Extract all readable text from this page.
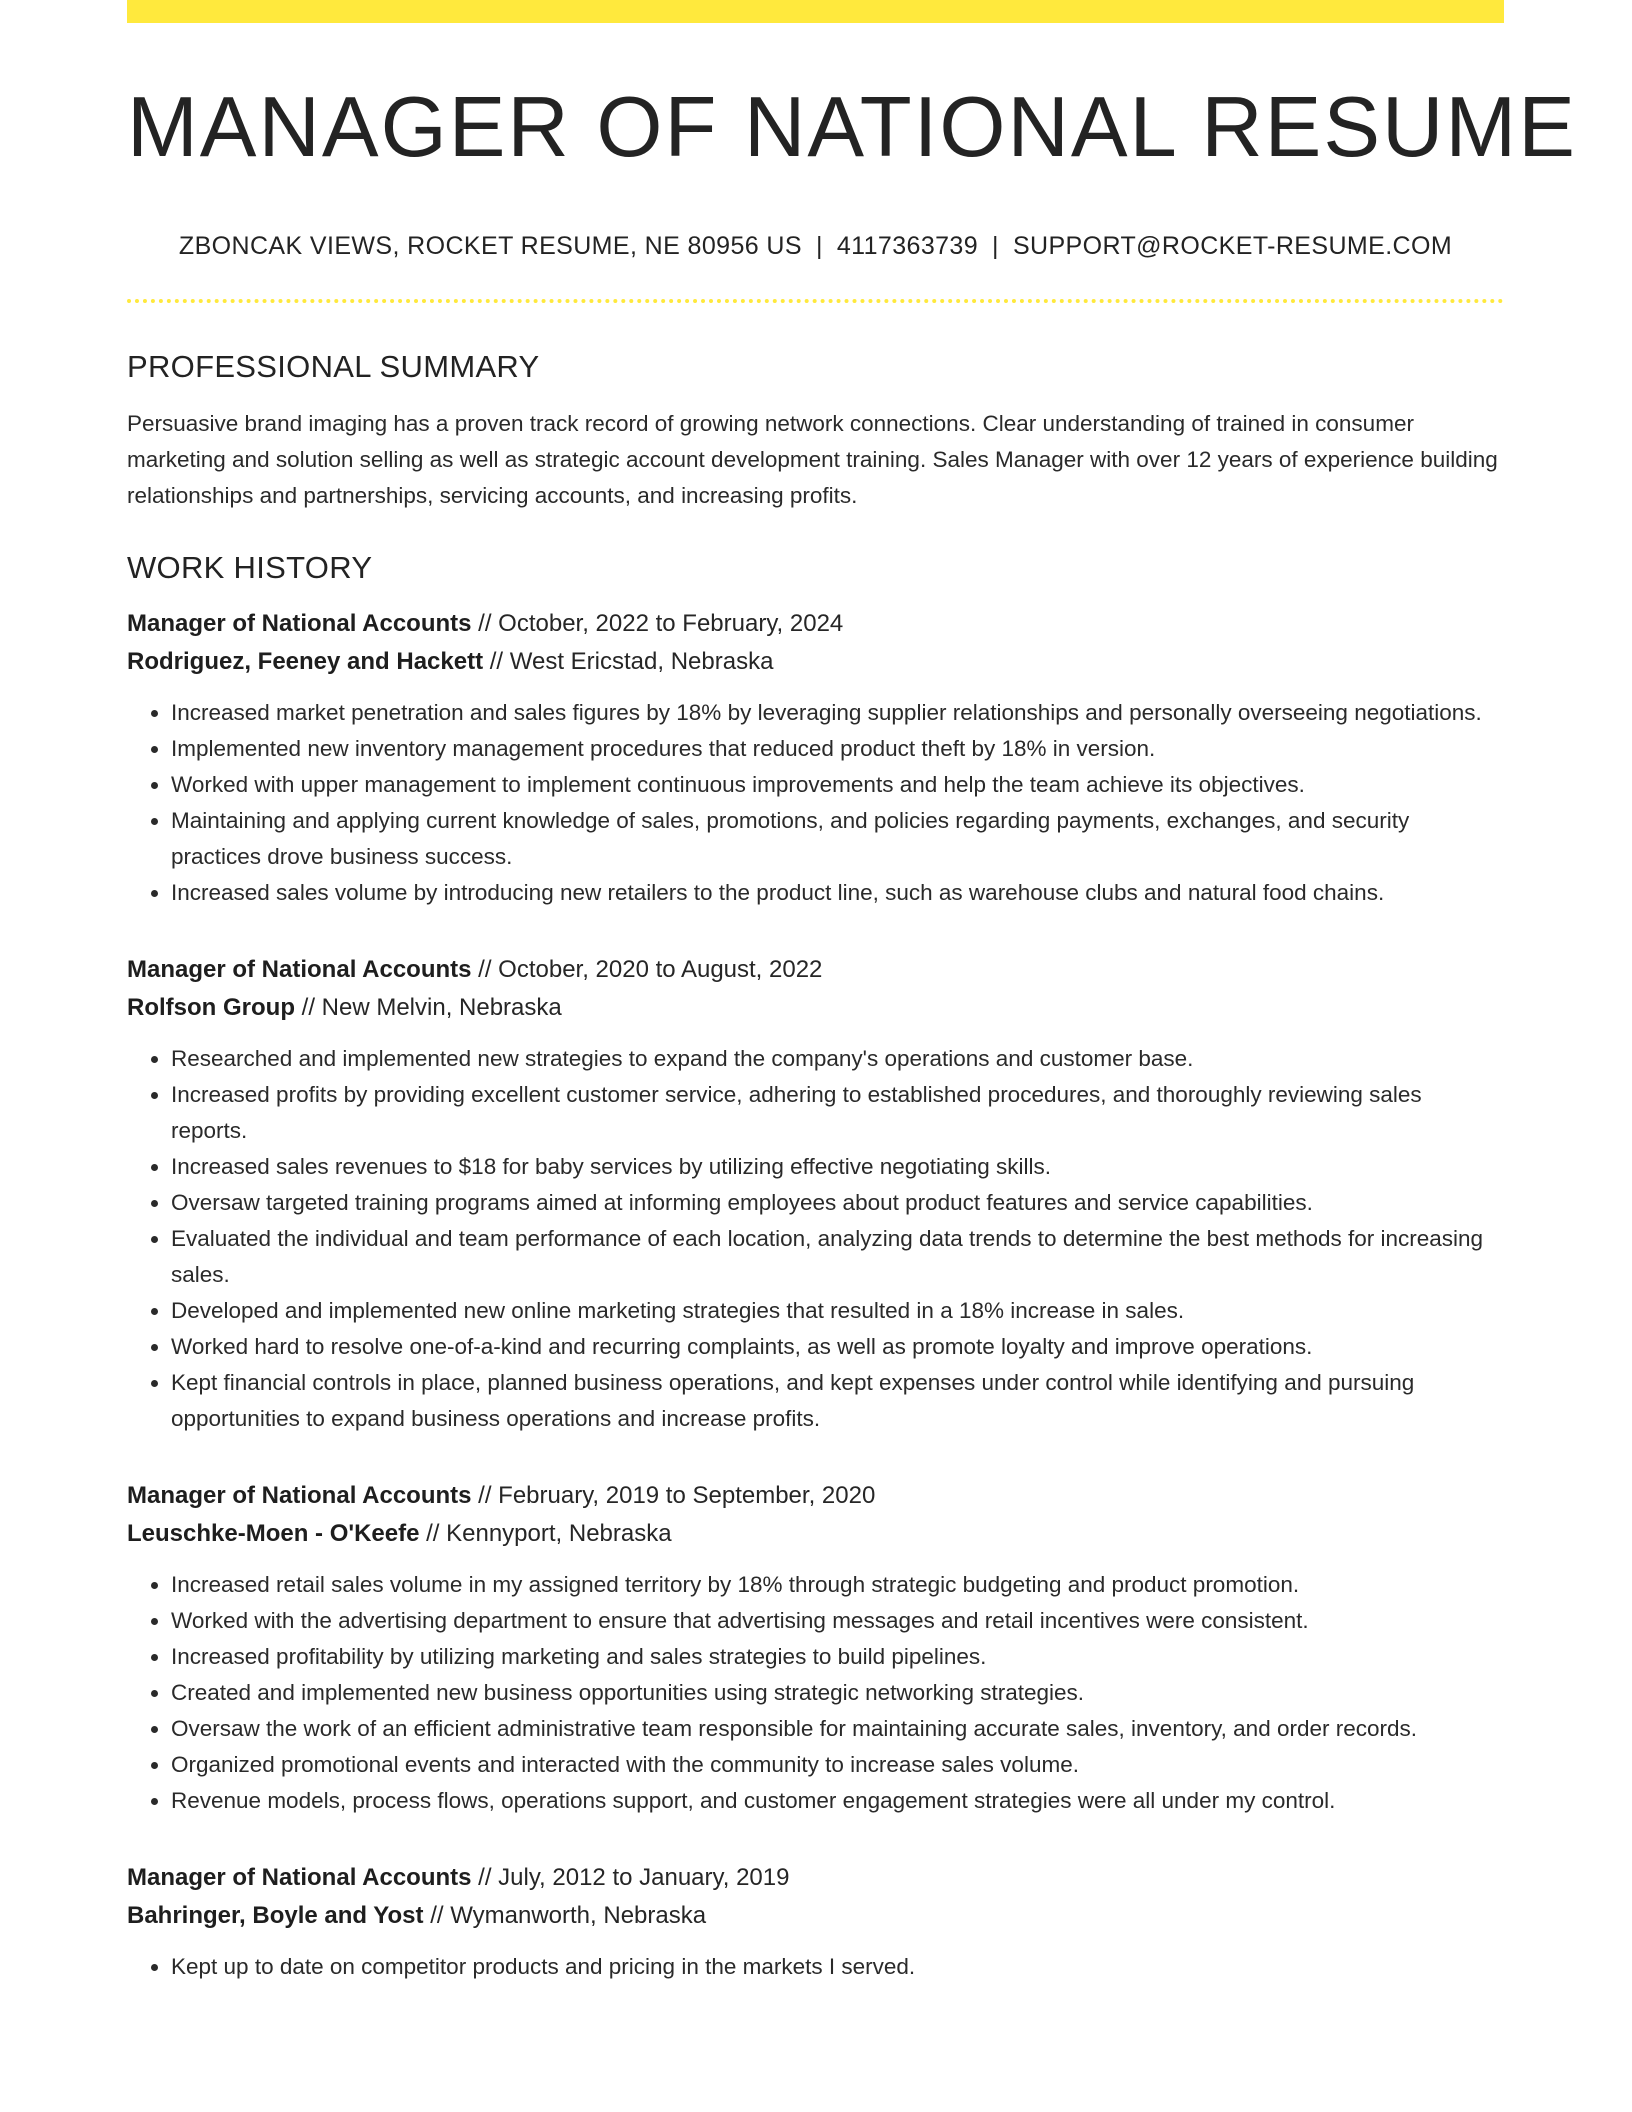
MANAGER OF NATIONAL RESUME
ZBONCAK VIEWS, ROCKET RESUME, NE 80956 US | 4117363739 | SUPPORT@ROCKET-RESUME.COM
PROFESSIONAL SUMMARY

Persuasive brand imaging has a proven track record of growing network connections. Clear understanding of trained in consumer marketing and solution selling as well as strategic account development training. Sales Manager with over 12 years of experience building relationships and partnerships, servicing accounts, and increasing profits.

WORK HISTORY
Manager of National Accounts // October, 2022 to February, 2024
Rodriguez, Feeney and Hackett // West Ericstad, Nebraska
• Increased market penetration and sales figures by 18% by leveraging supplier relationships and personally overseeing negotiations.
• Implemented new inventory management procedures that reduced product theft by 18% in version.
• Worked with upper management to implement continuous improvements and help the team achieve its objectives.
• Maintaining and applying current knowledge of sales, promotions, and policies regarding payments, exchanges, and security practices drove business success.
• Increased sales volume by introducing new retailers to the product line, such as warehouse clubs and natural food chains.
Manager of National Accounts // October, 2020 to August, 2022
Rolfson Group // New Melvin, Nebraska
• Researched and implemented new strategies to expand the company's operations and customer base.
• Increased profits by providing excellent customer service, adhering to established procedures, and thoroughly reviewing sales reports.
• Increased sales revenues to $18 for baby services by utilizing effective negotiating skills.
• Oversaw targeted training programs aimed at informing employees about product features and service capabilities.
• Evaluated the individual and team performance of each location, analyzing data trends to determine the best methods for increasing sales.
• Developed and implemented new online marketing strategies that resulted in a 18% increase in sales.
• Worked hard to resolve one-of-a-kind and recurring complaints, as well as promote loyalty and improve operations.
• Kept financial controls in place, planned business operations, and kept expenses under control while identifying and pursuing opportunities to expand business operations and increase profits.
Manager of National Accounts // February, 2019 to September, 2020
Leuschke-Moen - O'Keefe // Kennyport, Nebraska
• Increased retail sales volume in my assigned territory by 18% through strategic budgeting and product promotion.
• Worked with the advertising department to ensure that advertising messages and retail incentives were consistent.
• Increased profitability by utilizing marketing and sales strategies to build pipelines.
• Created and implemented new business opportunities using strategic networking strategies.
• Oversaw the work of an efficient administrative team responsible for maintaining accurate sales, inventory, and order records.
• Organized promotional events and interacted with the community to increase sales volume.
• Revenue models, process flows, operations support, and customer engagement strategies were all under my control.
Manager of National Accounts // July, 2012 to January, 2019
Bahringer, Boyle and Yost // Wymanworth, Nebraska
• Kept up to date on competitor products and pricing in the markets I served.
